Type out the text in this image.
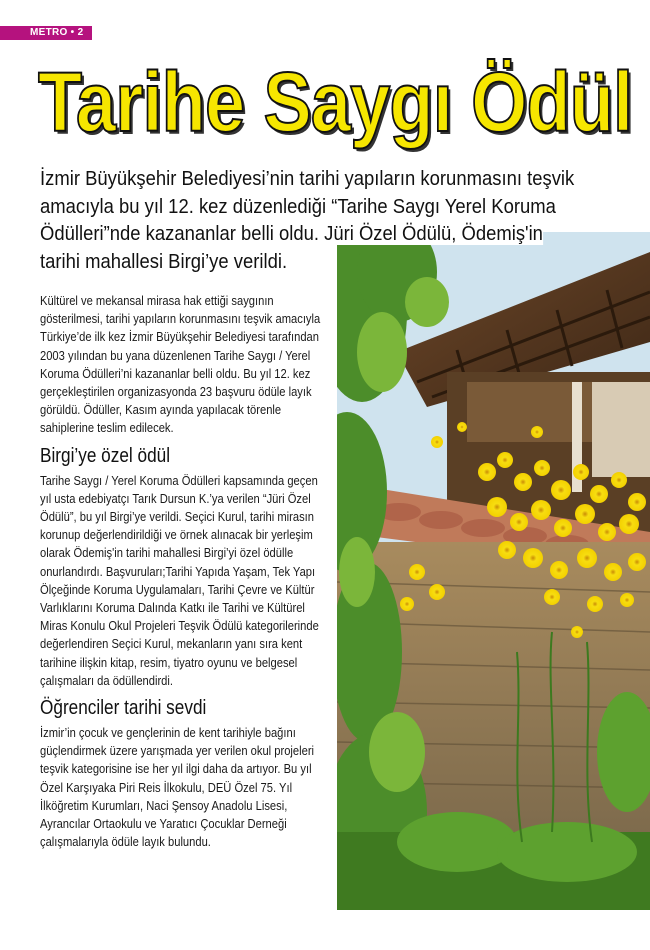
METRO • 2
Tarihe Saygı Ödül

İzmir Büyükşehir Belediyesi’nin tarihi yapıların korunmasını teşvik amacıyla bu yıl 12. kez düzenlediği “Tarihe Saygı Yerel Koruma Ödülleri”nde kazananlar belli oldu. Jüri Özel Ödülü, Ödemiş'in tarihi mahallesi Birgi’ye verildi.

Kültürel ve mekansal mirasa hak ettiği saygının gösterilmesi, tarihi yapıların korunmasını teşvik amacıyla Türkiye’de ilk kez İzmir Büyükşehir Belediyesi tarafından 2003 yılından bu yana düzenlenen Tarihe Saygı / Yerel Koruma Ödülleri’ni kazananlar belli oldu. Bu yıl 12. kez gerçekleştirilen organizasyonda 23 başvuru ödüle layık görüldü. Ödüller, Kasım ayında yapılacak törenle sahiplerine teslim edilecek.

Birgi’ye özel ödül

Tarihe Saygı / Yerel Koruma Ödülleri kapsamında geçen yıl usta edebiyatçı Tarık Dursun K.’ya verilen “Jüri Özel Ödülü”, bu yıl Birgi’ye verildi. Seçici Kurul, tarihi mirasın korunup değerlendirildiği ve örnek alınacak bir yerleşim olarak Ödemiş'in tarihi mahallesi Birgi’yi özel ödülle onurlandırdı. Başvuruları;Tarihi Yapıda Yaşam, Tek Yapı Ölçeğinde Koruma Uygulamaları, Tarihi Çevre ve Kültür Varlıklarını Koruma Dalında Katkı ile Tarihi ve Kültürel Miras Konulu Okul Projeleri Teşvik Ödülü kategorilerinde değerlendiren Seçici Kurul, mekanların yanı sıra kent tarihine ilişkin kitap, resim, tiyatro oyunu ve belgesel çalışmaları da ödüllendirdi.

Öğrenciler tarihi sevdi

İzmir’in çocuk ve gençlerinin de kent tarihiyle bağını güçlendirmek üzere yarışmada yer verilen okul projeleri teşvik kategorisine ise her yıl ilgi daha da artıyor. Bu yıl Özel Karşıyaka Piri Reis İlkokulu, DEÜ Özel 75. Yıl İlköğretim Kurumları, Naci Şensoy Anadolu Lisesi, Ayrancılar Ortaokulu ve Yaratıcı Çocuklar Derneği çalışmalarıyla ödüle layık bulundu.
